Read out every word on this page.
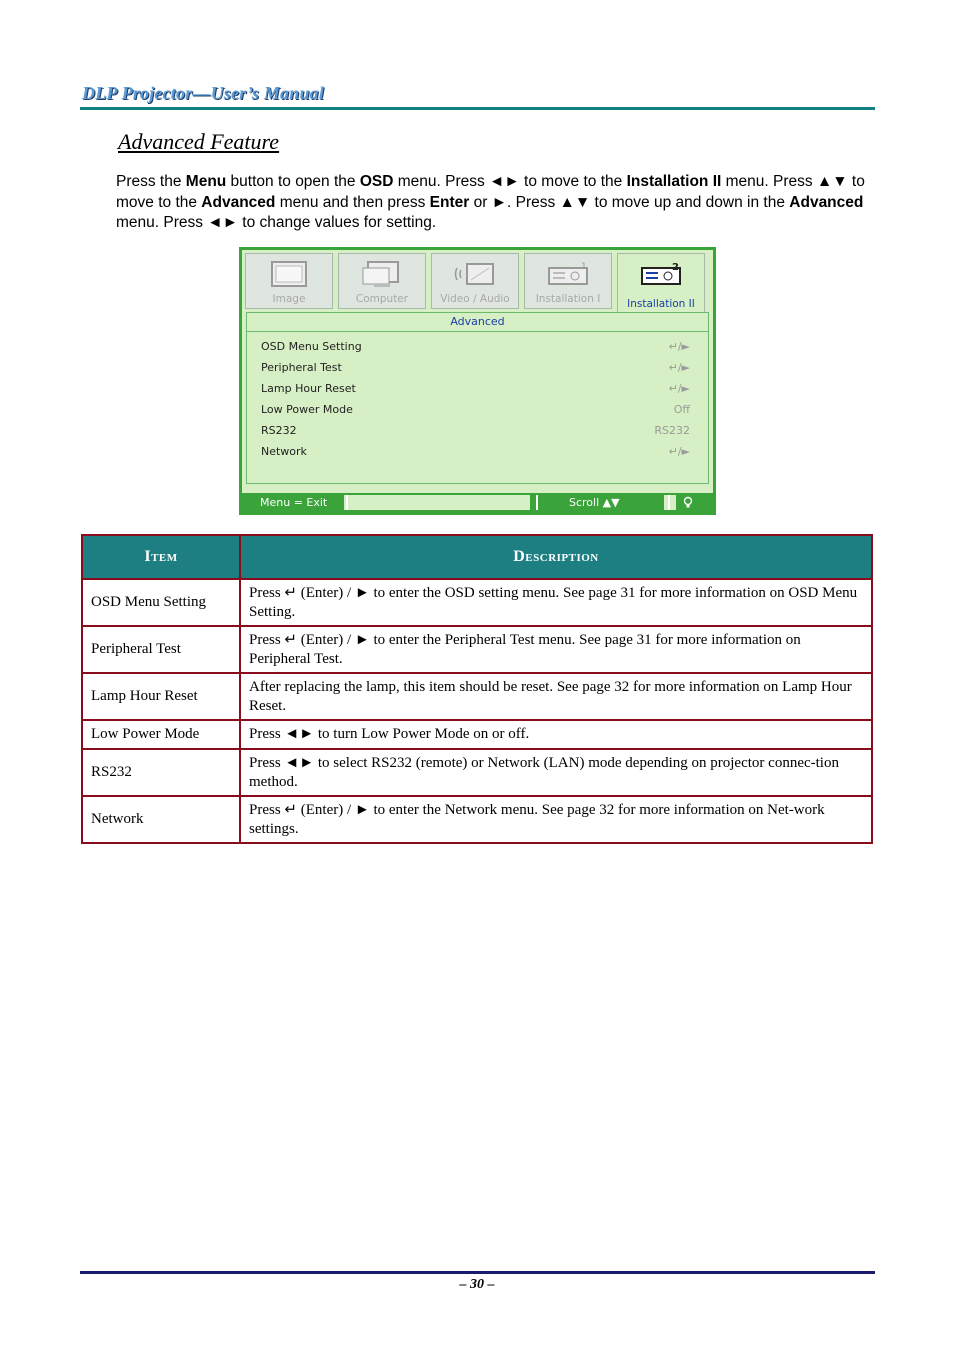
DLP Projector—User’s Manual
Advanced Feature
Press the Menu button to open the OSD menu. Press ◄► to move to the Installation II menu. Press ▲▼ to move to the Advanced menu and then press Enter or ►. Press ▲▼ to move up and down in the Advanced menu. Press ◄► to change values for setting.
Image	Computer	Video / Audio
1
Installation I
2
Installation II
Advanced
OSD Menu Setting	↵/►
Peripheral Test	↵/►
Lamp Hour Reset	↵/►
Low Power Mode	Off
RS232	RS232
Network	↵/►
Menu = Exit	Scroll ▲▼
Item	Description
OSD Menu Setting	Press ↵ (Enter) / ► to enter the OSD setting menu. See page 31 for more information on OSD Menu Setting.
Peripheral Test	Press ↵ (Enter) / ► to enter the Peripheral Test menu. See page 31 for more information on Peripheral Test.
Lamp Hour Reset	After replacing the lamp, this item should be reset. See page 32 for more information on Lamp Hour Reset.
Low Power Mode	Press ◄► to turn Low Power Mode on or off.
RS232	Press ◄► to select RS232 (remote) or Network (LAN) mode depending on projector connec-tion method.
Network	Press ↵ (Enter) / ► to enter the Network menu. See page 32 for more information on Net-work settings.
– 30 –
